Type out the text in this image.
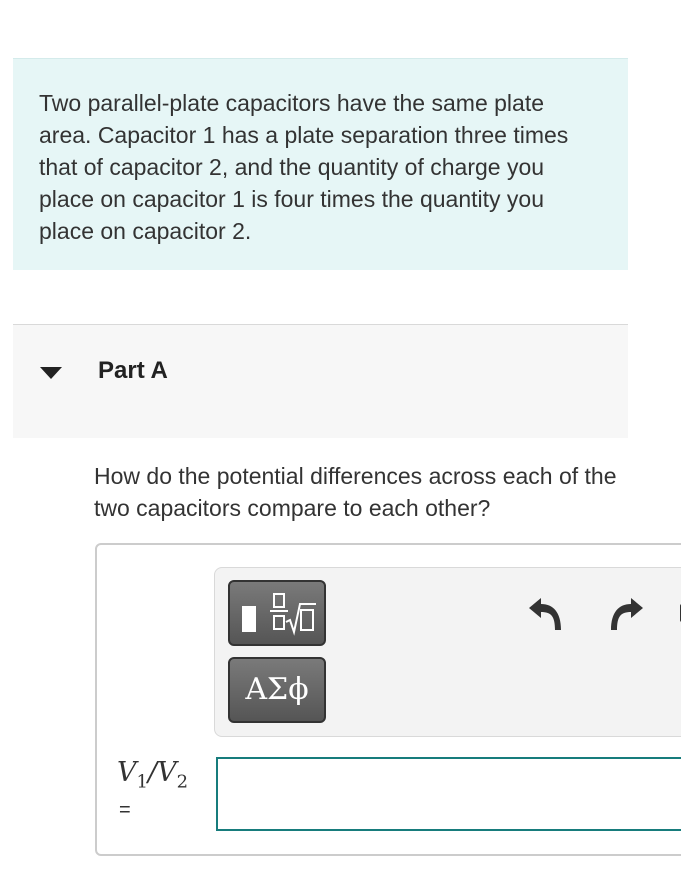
Two parallel-plate capacitors have the same plate area. Capacitor 1 has a plate separation three times that of capacitor 2, and the quantity of charge you place on capacitor 1 is four times the quantity you place on capacitor 2.

Part A

How do the potential differences across each of the two capacitors compare to each other?

ΑΣϕ
$V_1/V_2$
=
